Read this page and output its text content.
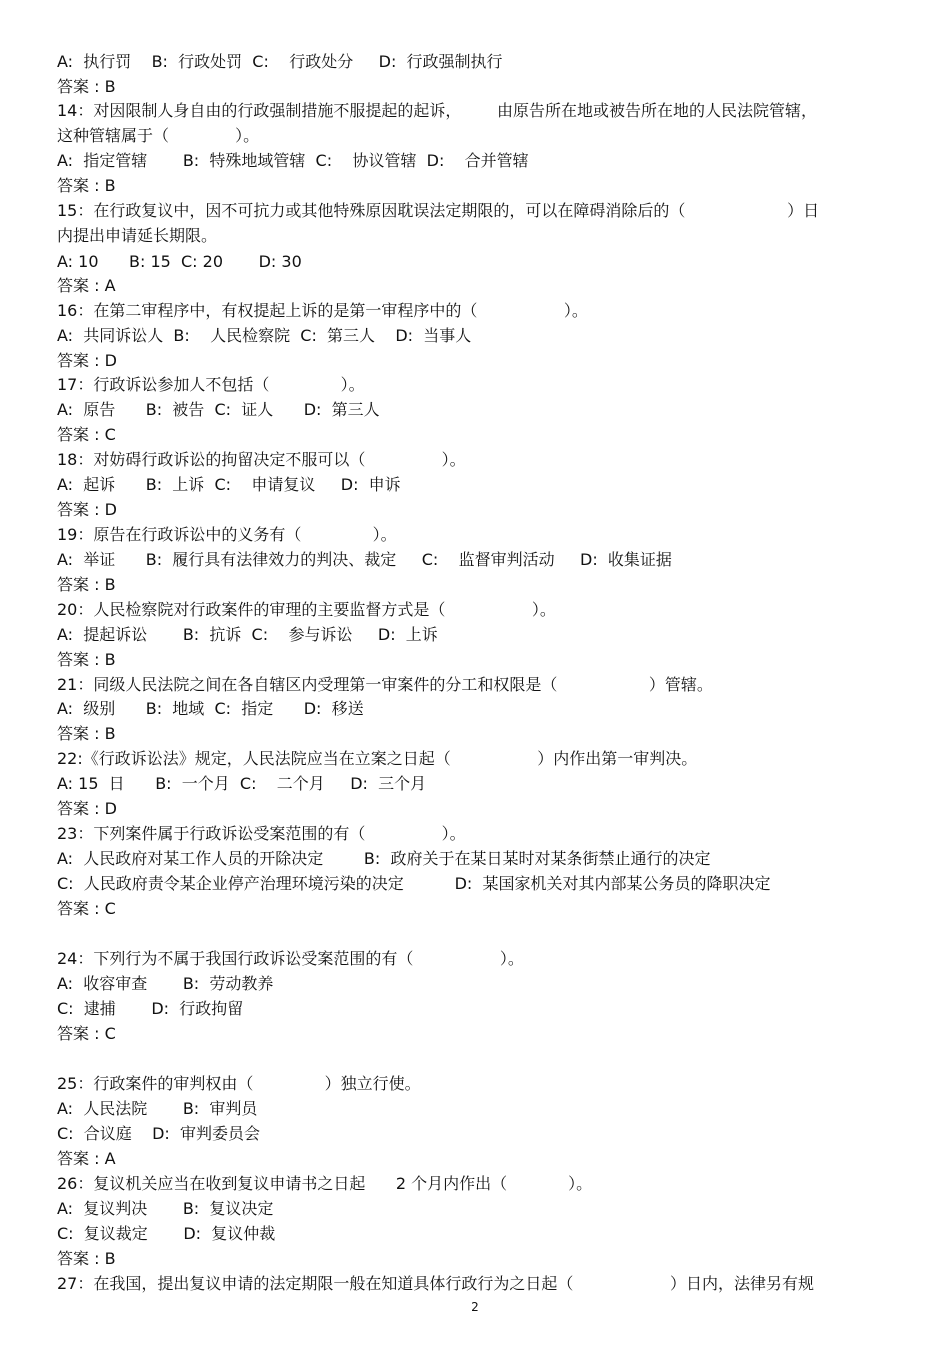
A:  执行罚    B:  行政处罚  C:    行政处分     D:  行政强制执行
答案 : B
14：对因限制人身自由的行政强制措施不服提起的起诉，       由原告所在地或被告所在地的人民法院管辖，
这种管辖属于（             ）。
A:  指定管辖       B:  特殊地域管辖  C:    协议管辖  D:    合并管辖
答案 : B
15：在行政复议中，因不可抗力或其他特殊原因耽误法定期限的，可以在障碍消除后的（                    ）日
内提出申请延长期限。
A: 10      B: 15  C: 20       D: 30
答案 : A
16：在第二审程序中，有权提起上诉的是第一审程序中的（                 ）。
A:  共同诉讼人  B:    人民检察院  C:  第三人    D:  当事人
答案 : D
17：行政诉讼参加人不包括（              ）。
A:  原告      B:  被告  C:  证人      D:  第三人
答案 : C
18：对妨碍行政诉讼的拘留决定不服可以（               ）。
A:  起诉      B:  上诉  C:    申请复议     D:  申诉
答案 : D
19：原告在行政诉讼中的义务有（              ）。
A:  举证      B:  履行具有法律效力的判决、裁定     C:    监督审判活动     D:  收集证据
答案 : B
20：人民检察院对行政案件的审理的主要监督方式是（                 ）。
A:  提起诉讼       B:  抗诉  C:    参与诉讼     D:  上诉
答案 : B
21：同级人民法院之间在各自辖区内受理第一审案件的分工和权限是（                  ）管辖。
A:  级别      B:  地域  C:  指定      D:  移送
答案 : B
22:《行政诉讼法》规定，人民法院应当在立案之日起（                 ）内作出第一审判决。
A: 15  日      B:  一个月  C:    二个月     D:  三个月
答案 : D
23：下列案件属于行政诉讼受案范围的有（               ）。
A:  人民政府对某工作人员的开除决定        B:  政府关于在某日某时对某条街禁止通行的决定
C:  人民政府责令某企业停产治理环境污染的决定          D:  某国家机关对其内部某公务员的降职决定
答案 : C
24：下列行为不属于我国行政诉讼受案范围的有（                 ）。
A:  收容审查       B:  劳动教养
C:  逮捕       D:  行政拘留
答案 : C
25：行政案件的审判权由（              ）独立行使。
A:  人民法院       B:  审判员
C:  合议庭    D:  审判委员会
答案 : A
26：复议机关应当在收到复议申请书之日起      2 个月内作出（            ）。
A:  复议判决       B:  复议决定
C:  复议裁定       D:  复议仲裁
答案 : B
27：在我国，提出复议申请的法定期限一般在知道具体行政行为之日起（                   ）日内，法律另有规
2
